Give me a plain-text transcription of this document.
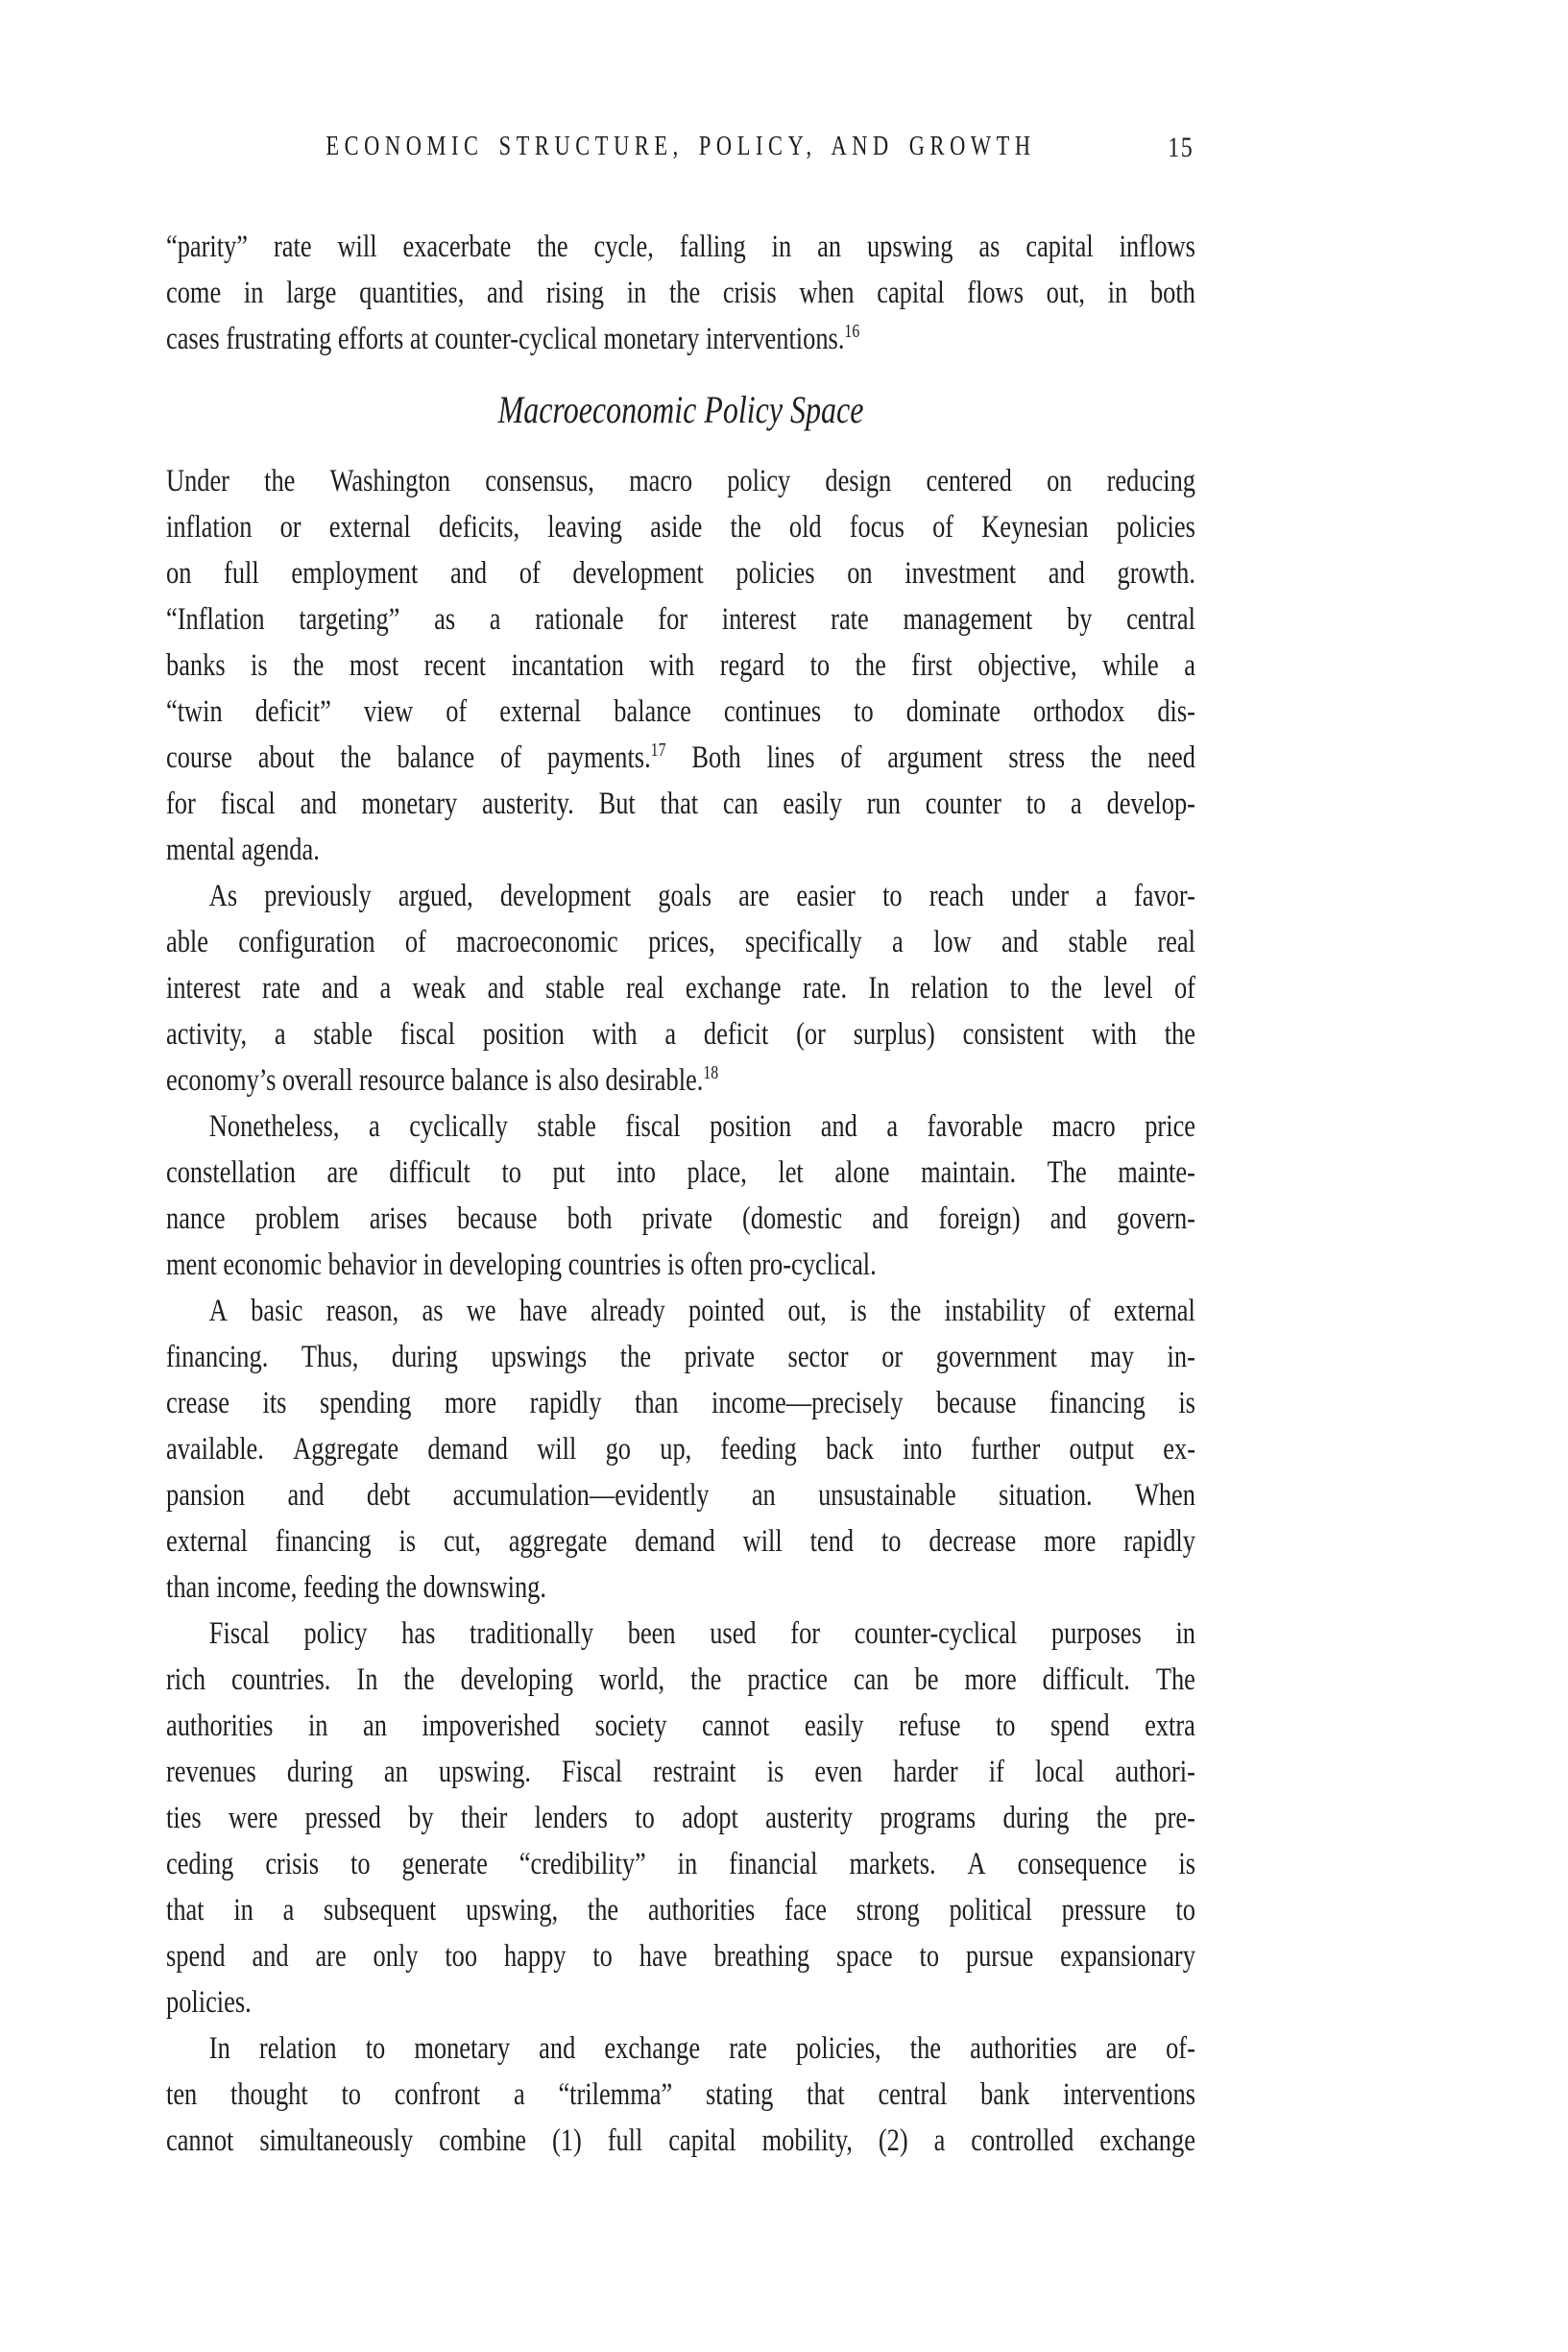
ECONOMIC STRUCTURE, POLICY, AND GROWTH	15
“parity” rate will exacerbate the cycle, falling in an upswing as capital inflows
come in large quantities, and rising in the crisis when capital flows out, in both
cases frustrating efforts at counter-cyclical monetary interventions.$^{16}$
Macroeconomic Policy Space
Under the Washington consensus, macro policy design centered on reducing
inflation or external deficits, leaving aside the old focus of Keynesian policies
on full employment and of development policies on investment and growth.
“Inflation targeting” as a rationale for interest rate management by central
banks is the most recent incantation with regard to the first objective, while a
“twin deficit” view of external balance continues to dominate orthodox dis-
course about the balance of payments.$^{17}$ Both lines of argument stress the need
for fiscal and monetary austerity. But that can easily run counter to a develop-
mental agenda.
As previously argued, development goals are easier to reach under a favor-
able configuration of macroeconomic prices, specifically a low and stable real
interest rate and a weak and stable real exchange rate. In relation to the level of
activity, a stable fiscal position with a deficit (or surplus) consistent with the
economy’s overall resource balance is also desirable.$^{18}$
Nonetheless, a cyclically stable fiscal position and a favorable macro price
constellation are difficult to put into place, let alone maintain. The mainte-
nance problem arises because both private (domestic and foreign) and govern-
ment economic behavior in developing countries is often pro-cyclical.
A basic reason, as we have already pointed out, is the instability of external
financing. Thus, during upswings the private sector or government may in-
crease its spending more rapidly than income—precisely because financing is
available. Aggregate demand will go up, feeding back into further output ex-
pansion and debt accumulation—evidently an unsustainable situation. When
external financing is cut, aggregate demand will tend to decrease more rapidly
than income, feeding the downswing.
Fiscal policy has traditionally been used for counter-cyclical purposes in
rich countries. In the developing world, the practice can be more difficult. The
authorities in an impoverished society cannot easily refuse to spend extra
revenues during an upswing. Fiscal restraint is even harder if local authori-
ties were pressed by their lenders to adopt austerity programs during the pre-
ceding crisis to generate “credibility” in financial markets. A consequence is
that in a subsequent upswing, the authorities face strong political pressure to
spend and are only too happy to have breathing space to pursue expansionary
policies.
In relation to monetary and exchange rate policies, the authorities are of-
ten thought to confront a “trilemma” stating that central bank interventions
cannot simultaneously combine (1) full capital mobility, (2) a controlled exchange
